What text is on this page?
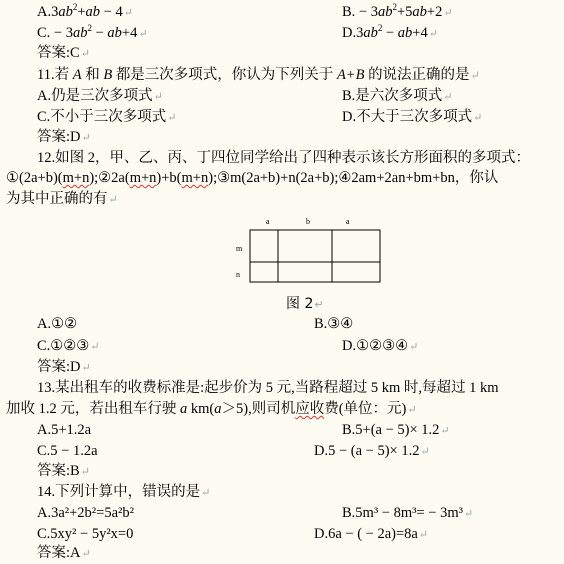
$A.3ab^2+ab$ − 4↵	B. − $3ab^2+5ab+2↵$
C. − $3ab^2$ − ab+4↵	$D.3ab^2$ − ab+4↵
答案:C↵
11.若 A 和 B 都是三次多项式，你认为下列关于 A+B 的说法正确的是↵
A.仍是三次多项式↵	B.是六次多项式↵
C.不小于三次多项式↵	D.不大于三次多项式↵
答案:D↵
12.如图 2，甲、乙、丙、丁四位同学给出了四种表示该长方形面积的多项式：
①(2a+b)(m+n);②2a(m+n)+b(m+n);③m(2a+b)+n(2a+b);④2am+2an+bm+bn，你认
为其中正确的有↵
a	b	a
m
n
图 2↵
A.①②	B.③④
C.①②③↵	D.①②③④↵
答案:D↵
13.某出租车的收费标准是:起步价为 5 元,当路程超过 5 km 时,每超过 1 km
加收 1.2 元，若出租车行驶 a km(a＞5),则司机应收费(单位：元)↵
A.5+1.2a	B.5+(a − 5)× 1.2↵
C.5 − 1.2a	D.5 − (a − 5)× 1.2↵
答案:B↵
14.下列计算中，错误的是↵
A.3a²+2b²=5a²b²	B.5m³ − 8m³= − 3m³↵
C.5xy² − 5y²x=0	D.6a − ( − 2a)=8a↵
答案:A↵
